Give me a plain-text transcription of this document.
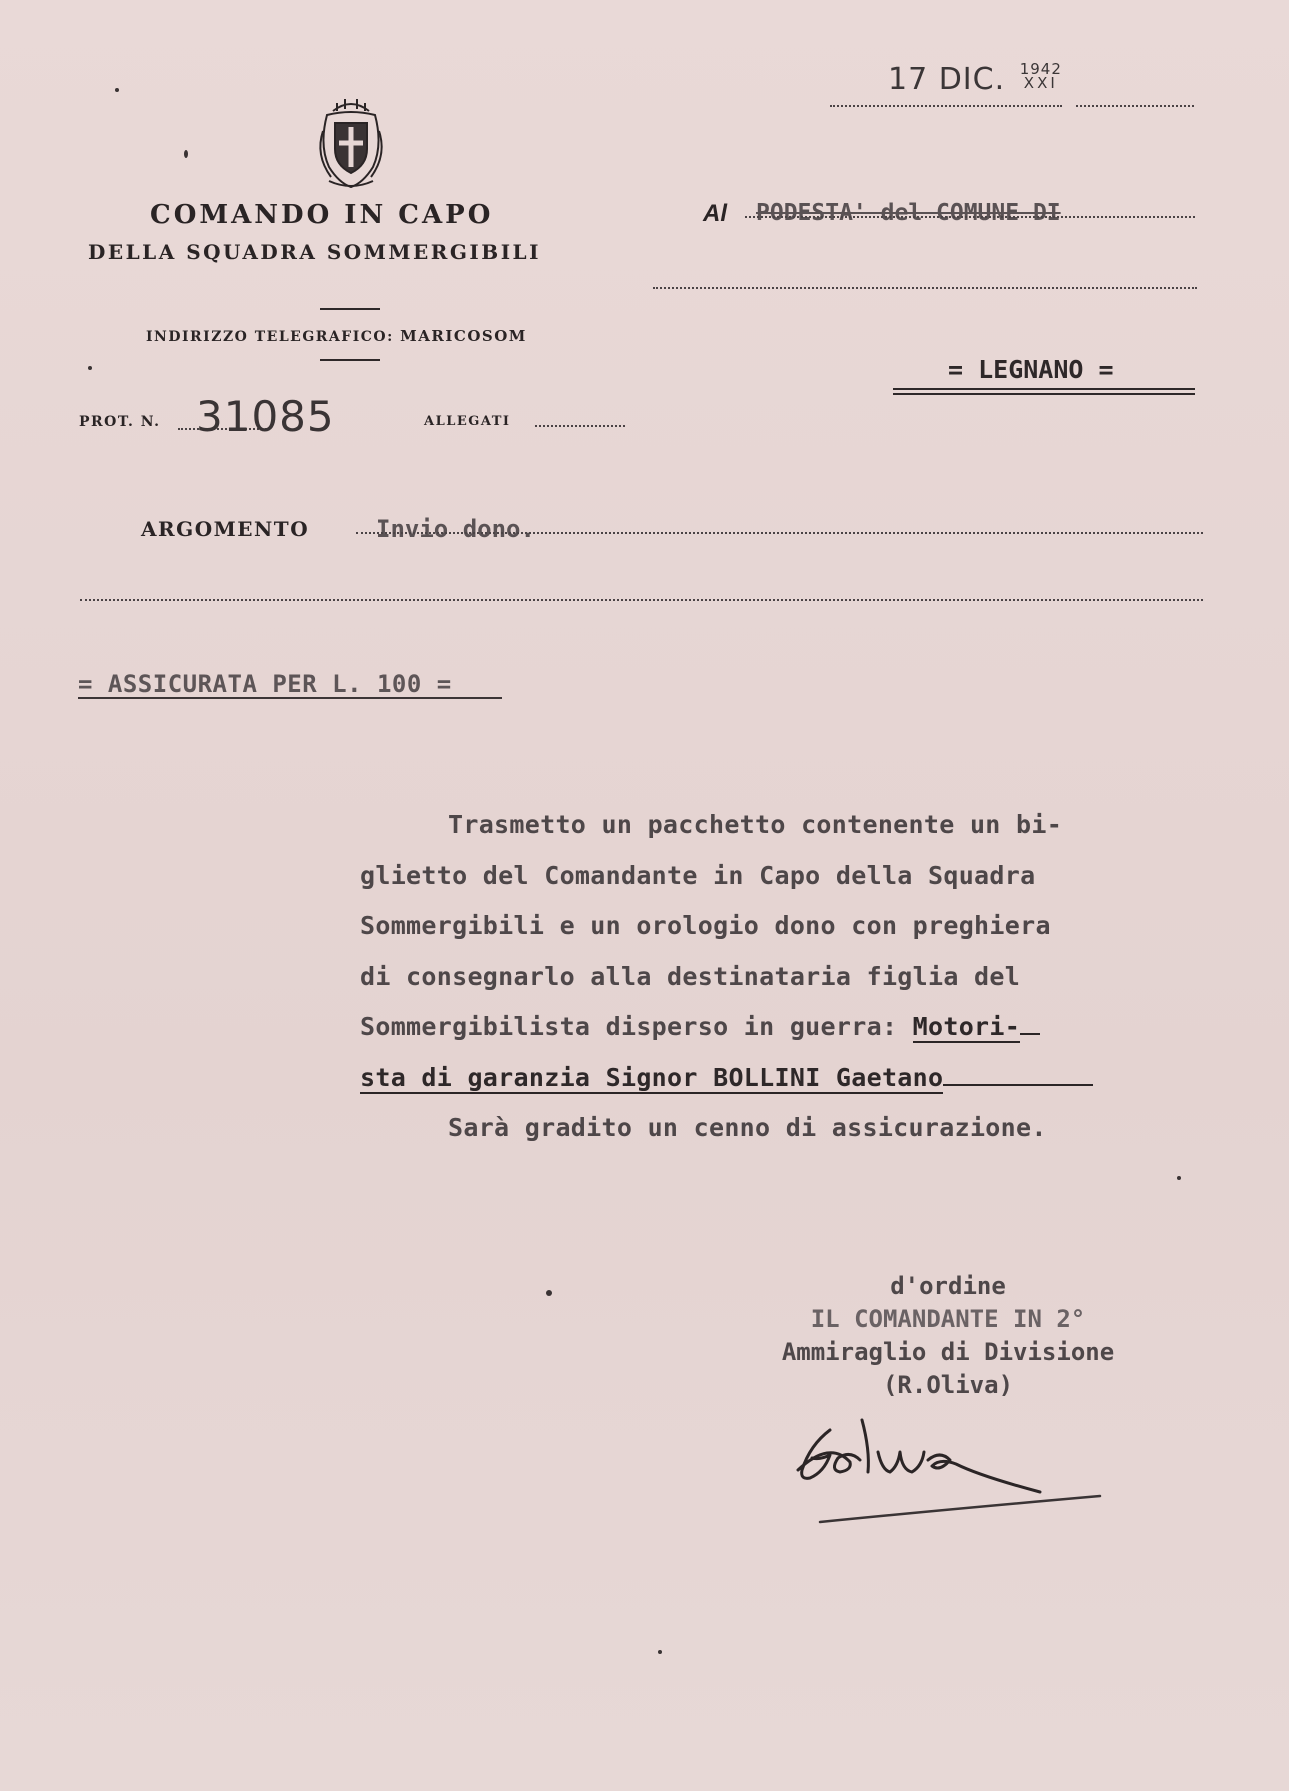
17 DIC. 1942
XXI
COMANDO IN CAPO
DELLA SQUADRA SOMMERGIBILI
INDIRIZZO TELEGRAFICO: MARICOSOM
PROT. N. 31085	ALLEGATI
Al PODESTA' del COMUNE DI
= LEGNANO =
ARGOMENTO	Invio dono.
= ASSICURATA PER L. 100 =
Trasmetto un pacchetto contenente un bi-
glietto del Comandante in Capo della Squadra
Sommergibili e un orologio dono con preghiera
di consegnarlo alla destinataria figlia del
Sommergibilista disperso in guerra: Motori-
sta di garanzia Signor BOLLINI Gaetano
Sarà gradito un cenno di assicurazione.
d'ordine
IL COMANDANTE IN 2°
Ammiraglio di Divisione
(R.Oliva)
